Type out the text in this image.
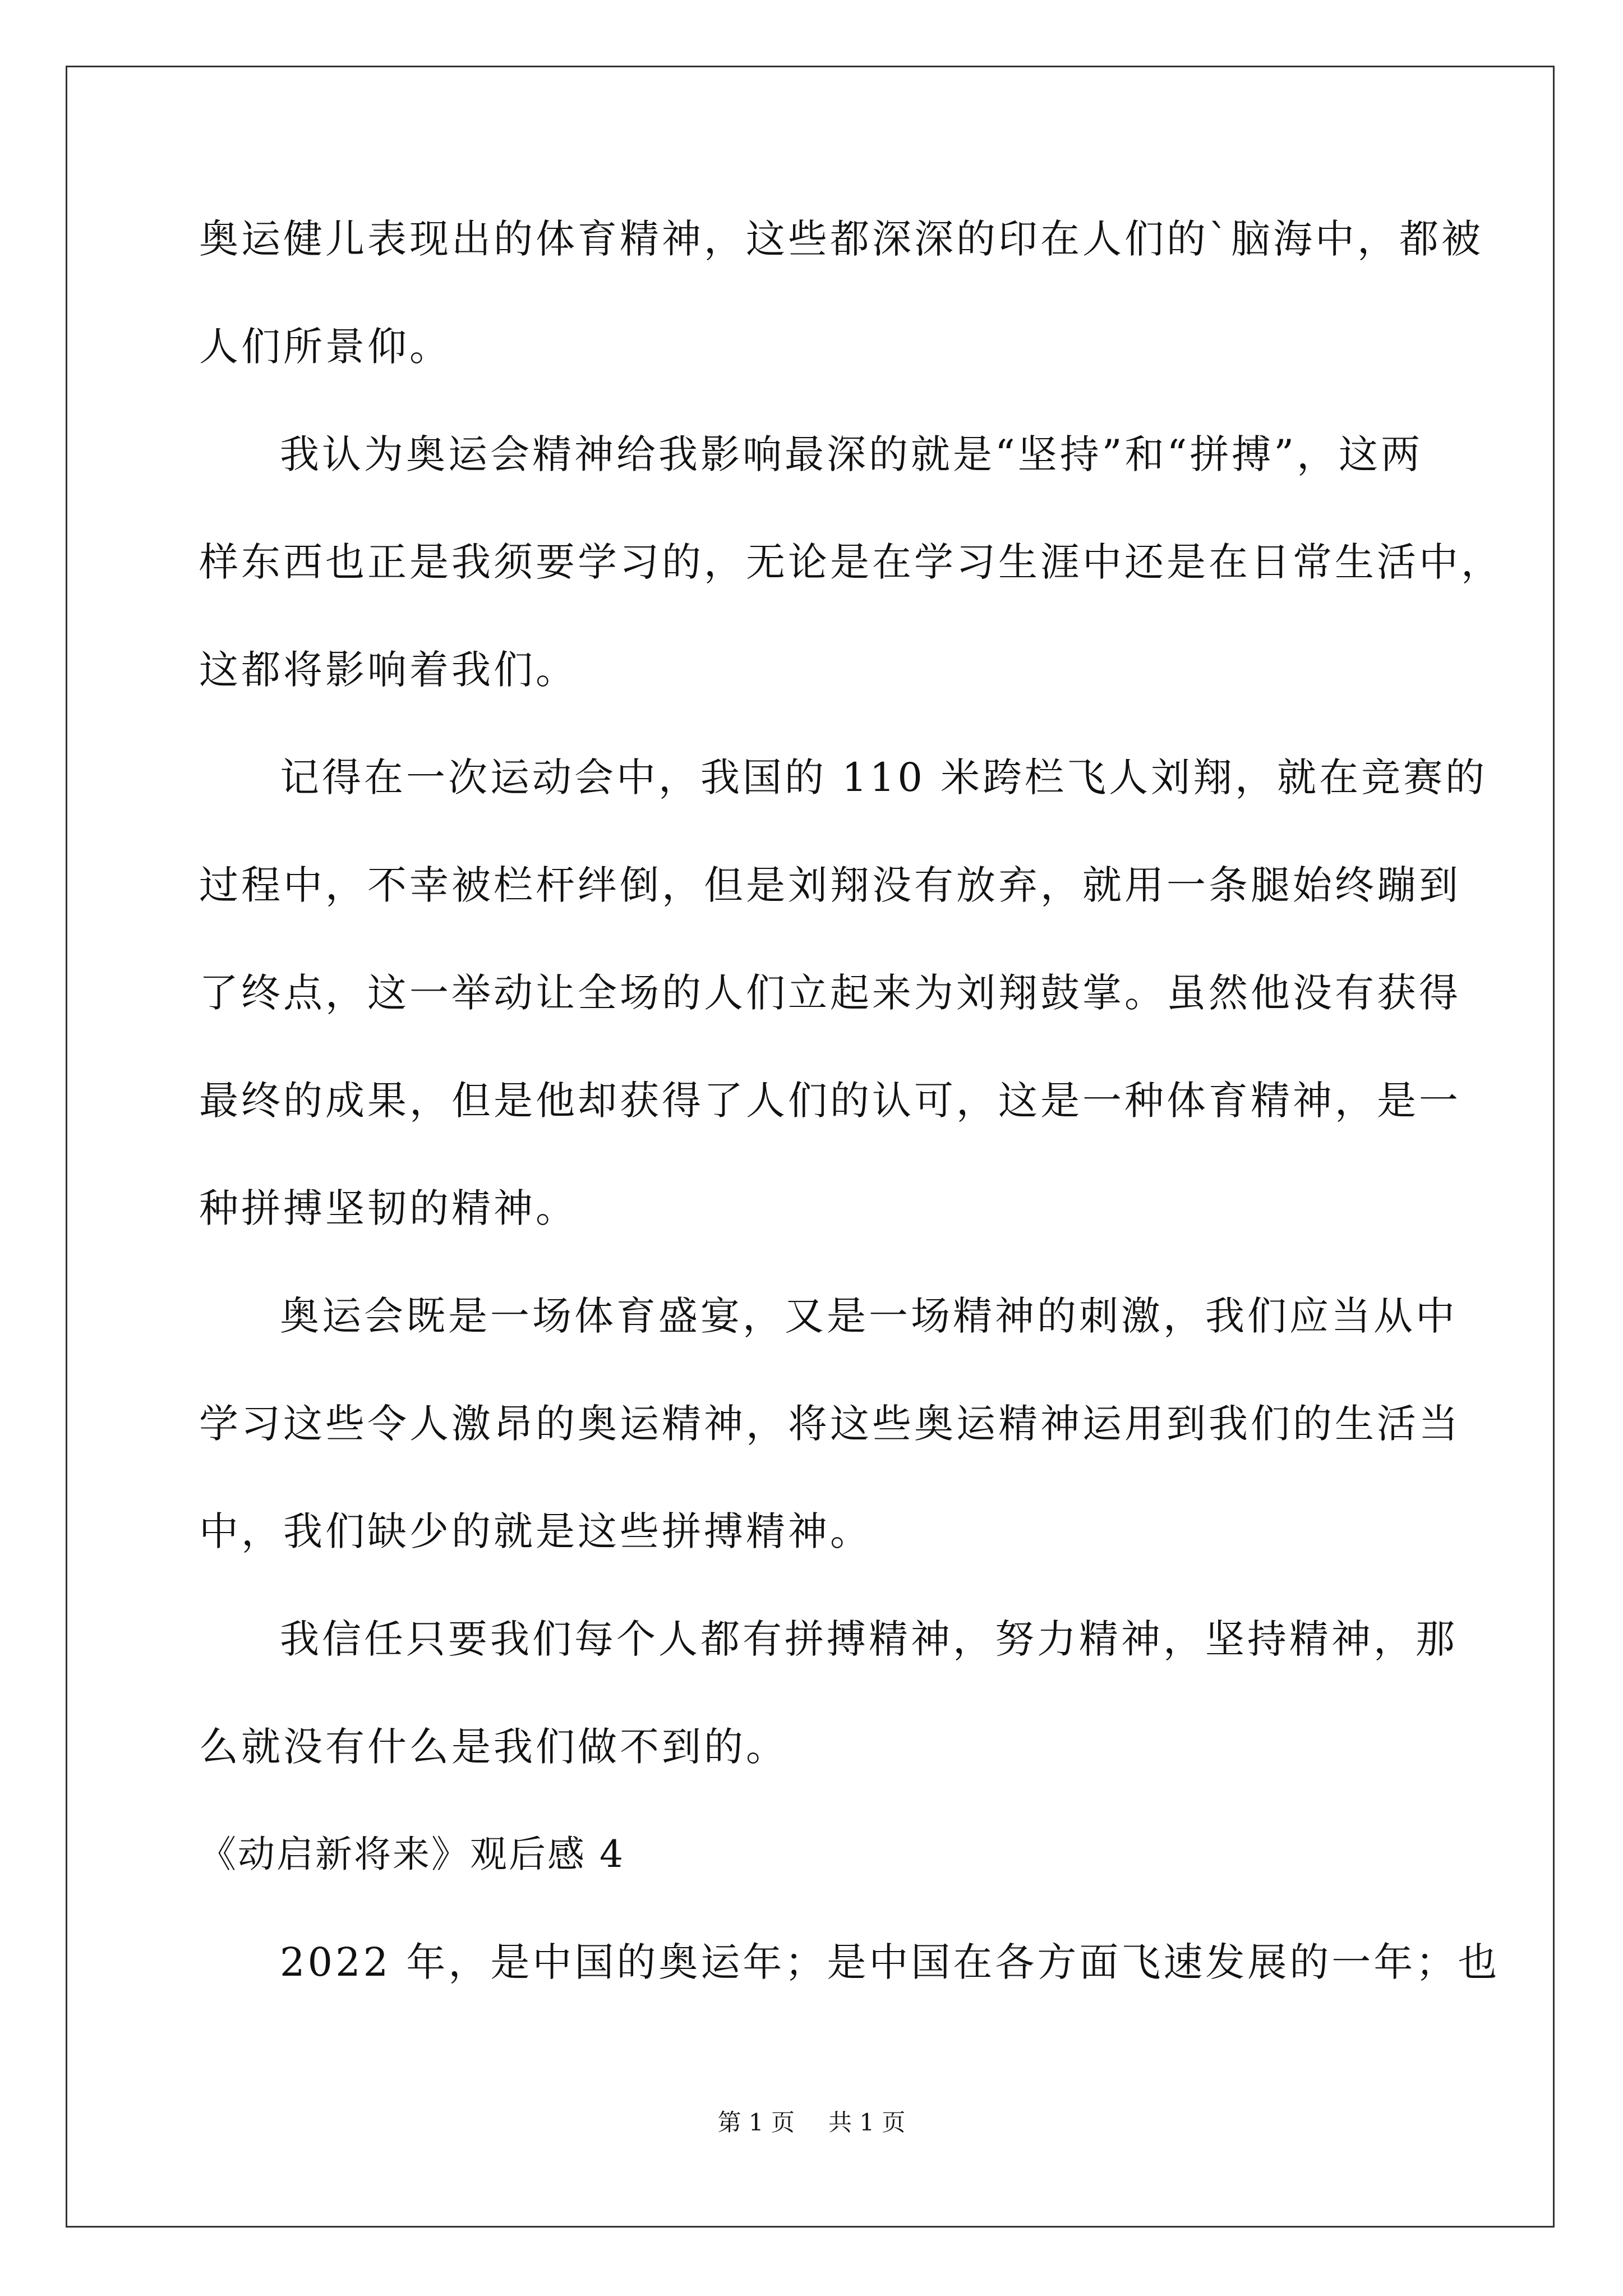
奥运健儿表现出的体育精神，这些都深深的印在人们的`脑海中，都被
人们所景仰。
我认为奥运会精神给我影响最深的就是“坚持”和“拼搏”，这两
样东西也正是我须要学习的，无论是在学习生涯中还是在日常生活中，
这都将影响着我们。
记得在一次运动会中，我国的 110 米跨栏飞人刘翔，就在竞赛的
过程中，不幸被栏杆绊倒，但是刘翔没有放弃，就用一条腿始终蹦到
了终点，这一举动让全场的人们立起来为刘翔鼓掌。虽然他没有获得
最终的成果，但是他却获得了人们的认可，这是一种体育精神，是一
种拼搏坚韧的精神。
奥运会既是一场体育盛宴，又是一场精神的刺激，我们应当从中
学习这些令人激昂的奥运精神，将这些奥运精神运用到我们的生活当
中，我们缺少的就是这些拼搏精神。
我信任只要我们每个人都有拼搏精神，努力精神，坚持精神，那
么就没有什么是我们做不到的。
《动启新将来》观后感 4
2022 年，是中国的奥运年；是中国在各方面飞速发展的一年；也
第 1 页 共 1 页
